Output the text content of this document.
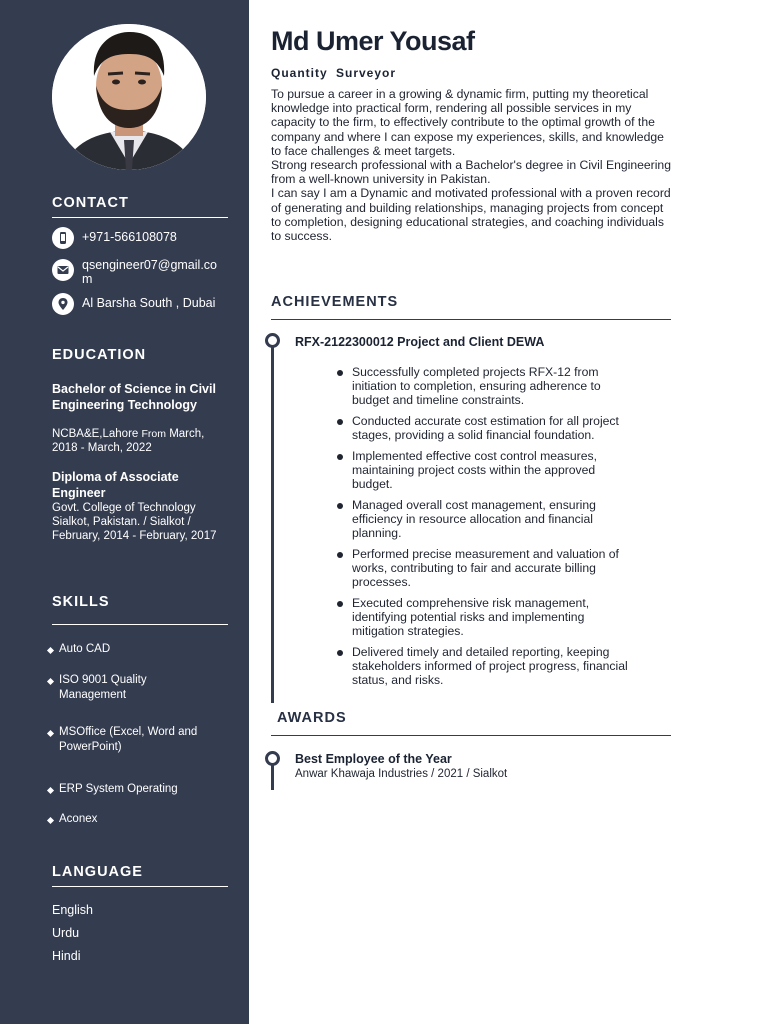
CONTACT
+971-566108078
qsengineer07@gmail.com
Al Barsha South , Dubai
EDUCATION
Bachelor of Science in Civil Engineering Technology
NCBA&E,Lahore From March, 2018 - March, 2022
Diploma of Associate Engineer
Govt. College of Technology Sialkot, Pakistan. / Sialkot / February, 2014 - February, 2017
SKILLS
Auto CAD
ISO 9001 Quality Management
MSOffice (Excel, Word and PowerPoint)
ERP System Operating
Aconex
LANGUAGE
English
Urdu
Hindi
Md Umer Yousaf
Quantity Surveyor

To pursue a career in a growing & dynamic firm, putting my theoretical knowledge into practical form, rendering all possible services in my capacity to the firm, to effectively contribute to the optimal growth of the company and where I can expose my experiences, skills, and knowledge to face challenges & meet targets.
Strong research professional with a Bachelor's degree in Civil Engineering from a well-known university in Pakistan.
I can say I am a Dynamic and motivated professional with a proven record of generating and building relationships, managing projects from concept to completion, designing educational strategies, and coaching individuals to success.

ACHIEVEMENTS
RFX-2122300012 Project and Client DEWA
Successfully completed projects RFX-12 from initiation to completion, ensuring adherence to budget and timeline constraints.
Conducted accurate cost estimation for all project stages, providing a solid financial foundation.
Implemented effective cost control measures, maintaining project costs within the approved budget.
Managed overall cost management, ensuring efficiency in resource allocation and financial planning.
Performed precise measurement and valuation of works, contributing to fair and accurate billing processes.
Executed comprehensive risk management, identifying potential risks and implementing mitigation strategies.
Delivered timely and detailed reporting, keeping stakeholders informed of project progress, financial status, and risks.
AWARDS
Best Employee of the Year
Anwar Khawaja Industries / 2021 / Sialkot
